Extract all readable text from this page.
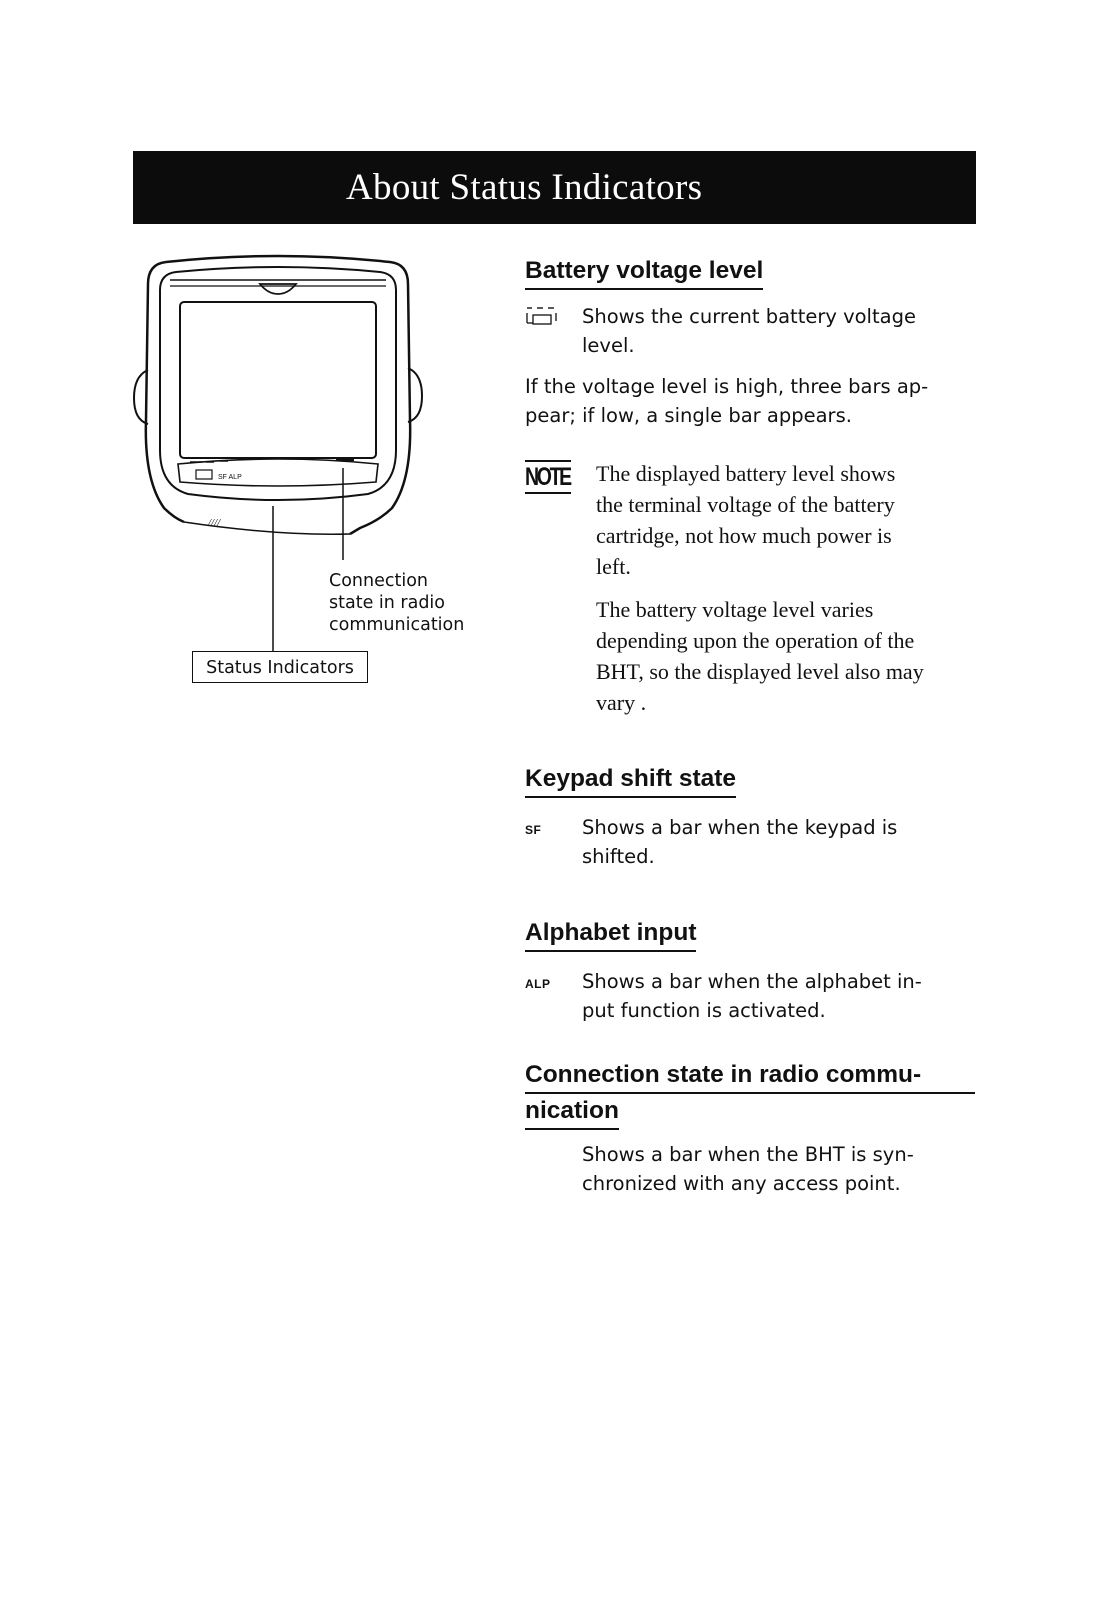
About Status Indicators
SF ALP
////
Connection
state in radio
communication
Status Indicators
Battery voltage level
Shows the current battery voltage
level.
If the voltage level is high, three bars ap-
pear; if low, a single bar appears.
NOTE The displayed battery level shows
the terminal voltage of the battery
cartridge, not how much power is
left.
The battery voltage level varies
depending upon the operation of the
BHT, so the displayed level also may
vary .
Keypad shift state
SF Shows a bar when the keypad is
shifted.
Alphabet input
ALP Shows a bar when the alphabet in-
put function is activated.
Connection state in radio commu-
nication
Shows a bar when the BHT is syn-
chronized with any access point.
